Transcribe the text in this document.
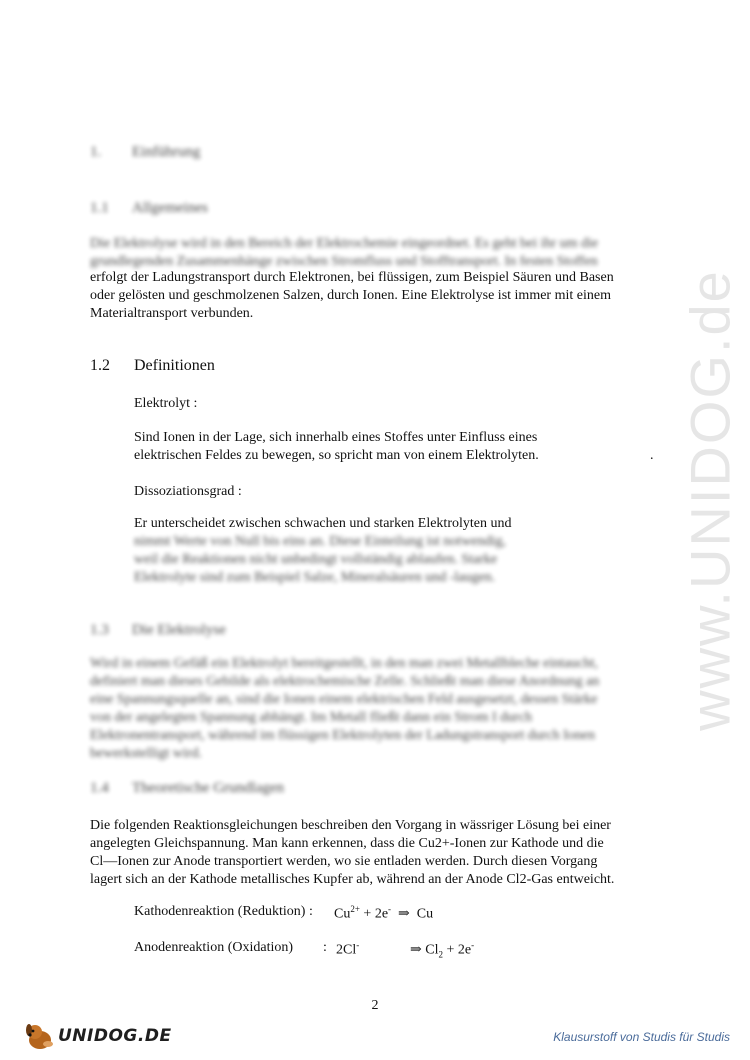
www.UNIDOG.de
1. Einführung
1.1 Allgemeines
Die Elektrolyse wird in den Bereich der Elektrochemie eingeordnet. Es geht bei ihr um die
grundlegenden Zusammenhänge zwischen Stromfluss und Stofftransport. In festen Stoffen
erfolgt der Ladungstransport durch Elektronen, bei flüssigen, zum Beispiel Säuren und Basen
oder gelösten und geschmolzenen Salzen, durch Ionen. Eine Elektrolyse ist immer mit einem
Materialtransport verbunden.
1.2 Definitionen
Elektrolyt :
Sind Ionen in der Lage, sich innerhalb eines Stoffes unter Einfluss eines
elektrischen Feldes zu bewegen, so spricht man von einem Elektrolyten.	.
Dissoziationsgrad :
Er unterscheidet zwischen schwachen und starken Elektrolyten und
nimmt Werte von Null bis eins an. Diese Einteilung ist notwendig,
weil die Reaktionen nicht unbedingt vollständig ablaufen. Starke
Elektrolyte sind zum Beispiel Salze, Mineralsäuren und -laugen.
1.3 Die Elektrolyse
Wird in einem Gefäß ein Elektrolyt bereitgestellt, in den man zwei Metallbleche eintaucht,
definiert man dieses Gebilde als elektrochemische Zelle. Schließt man diese Anordnung an
eine Spannungsquelle an, sind die Ionen einem elektrischen Feld ausgesetzt, dessen Stärke
von der angelegten Spannung abhängt. Im Metall fließt dann ein Strom I durch
Elektronentransport, während im flüssigen Elektrolyten der Ladungstransport durch Ionen
bewerkstelligt wird.
1.4 Theoretische Grundlagen
Die folgenden Reaktionsgleichungen beschreiben den Vorgang in wässriger Lösung bei einer
angelegten Gleichspannung. Man kann erkennen, dass die Cu2+-Ionen zur Kathode und die
Cl—Ionen zur Anode transportiert werden, wo sie entladen werden. Durch diesen Vorgang
lagert sich an der Kathode metallisches Kupfer ab, während an der Anode Cl2-Gas entweicht.
Kathodenreaktion (Reduktion) : $Cu^{2+} + 2e^-$ ⇒ Cu
Anodenreaktion (Oxidation) : 2Cl-	⇒ $Cl_2 + 2e^-$
2
UNIDOG.DE	Klausurstoff von Studis für Studis
